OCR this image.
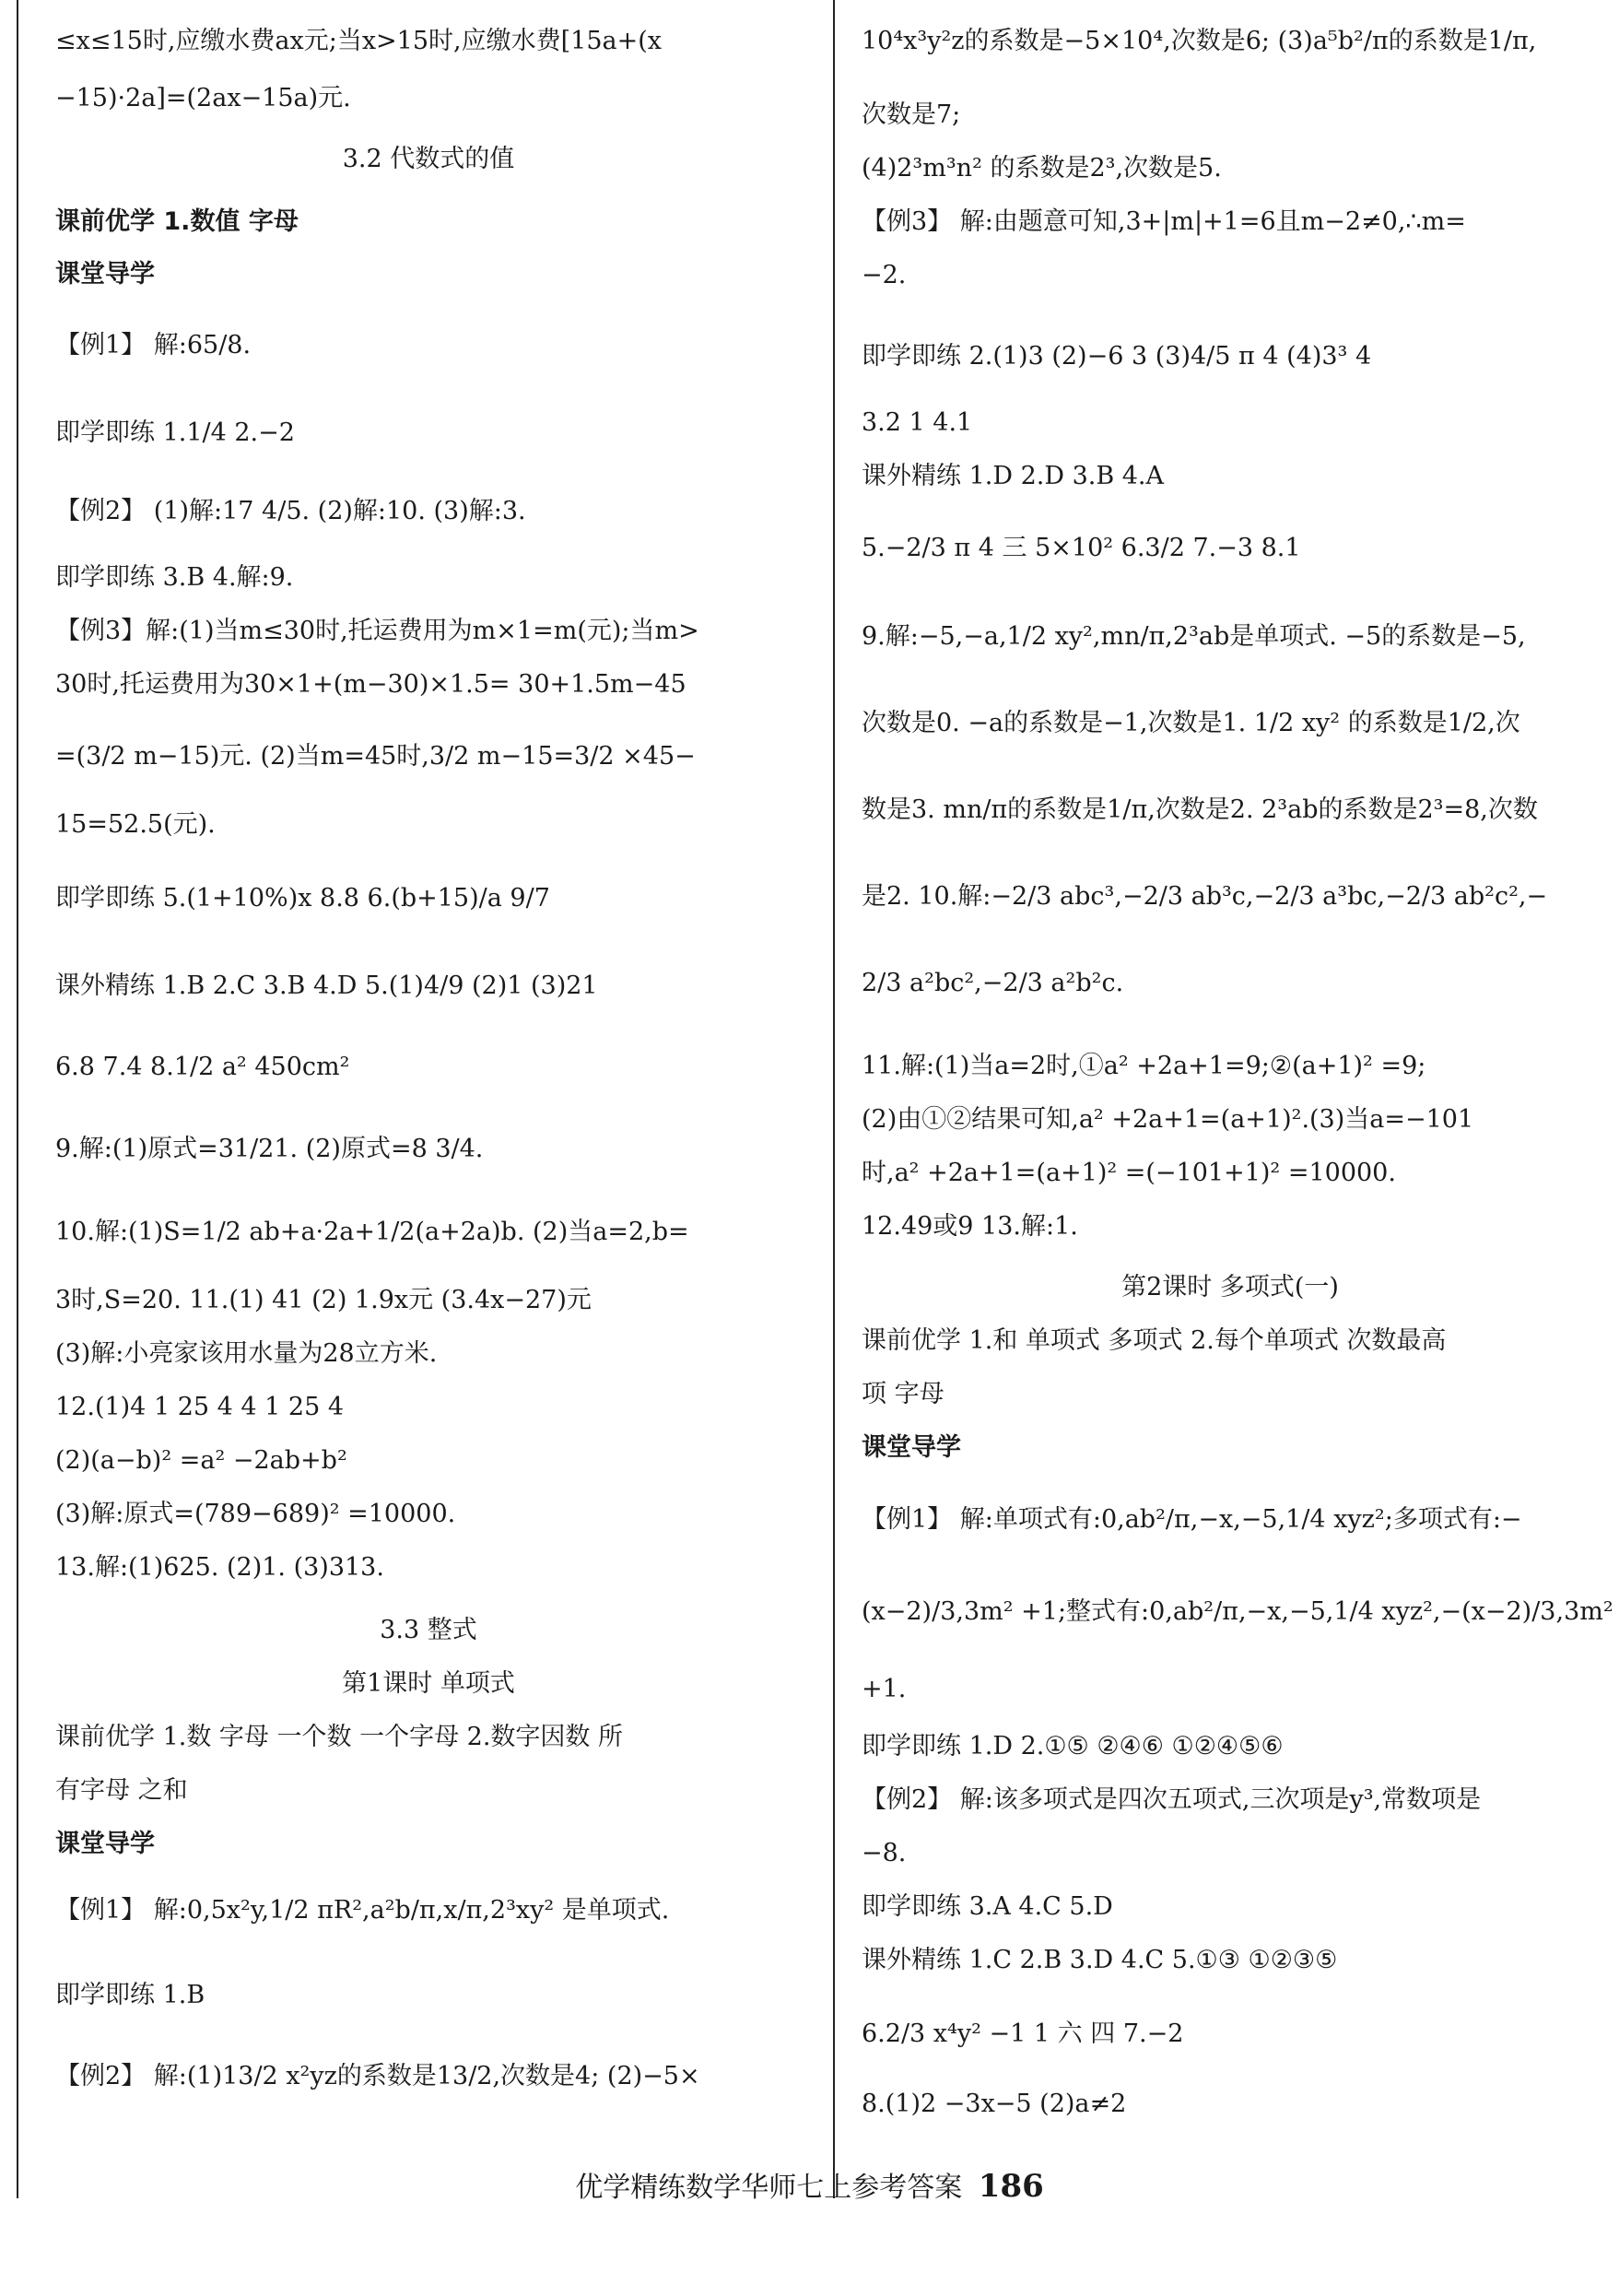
≤x≤15时,应缴水费ax元;当x>15时,应缴水费[15a+(x
−15)·2a]=(2ax−15a)元.
3.2 代数式的值
课前优学 1.数值 字母
课堂导学
【例1】 解:65/8.
即学即练 1.1/4 2.−2
【例2】 (1)解:17 4/5. (2)解:10. (3)解:3.
即学即练 3.B 4.解:9.
【例3】解:(1)当m≤30时,托运费用为m×1=m(元);当m>
30时,托运费用为30×1+(m−30)×1.5= 30+1.5m−45
=(3/2 m−15)元. (2)当m=45时,3/2 m−15=3/2 ×45−
15=52.5(元).
即学即练 5.(1+10%)x 8.8 6.(b+15)/a 9/7
课外精练 1.B 2.C 3.B 4.D 5.(1)4/9 (2)1 (3)21
6.8 7.4 8.1/2 a² 450cm²
9.解:(1)原式=31/21. (2)原式=8 3/4.
10.解:(1)S=1/2 ab+a·2a+1/2(a+2a)b. (2)当a=2,b=
3时,S=20. 11.(1) 41 (2) 1.9x元 (3.4x−27)元
(3)解:小亮家该用水量为28立方米.
12.(1)4 1 25 4 4 1 25 4
(2)(a−b)² =a² −2ab+b²
(3)解:原式=(789−689)² =10000.
13.解:(1)625. (2)1. (3)313.
3.3 整式
第1课时 单项式
课前优学 1.数 字母 一个数 一个字母 2.数字因数 所
有字母 之和
课堂导学
【例1】 解:0,5x²y,1/2 πR²,a²b/π,x/π,2³xy² 是单项式.
即学即练 1.B
【例2】 解:(1)13/2 x²yz的系数是13/2,次数是4; (2)−5×
10⁴x³y²z的系数是−5×10⁴,次数是6; (3)a⁵b²/π的系数是1/π,
次数是7;
(4)2³m³n² 的系数是2³,次数是5.
【例3】 解:由题意可知,3+|m|+1=6且m−2≠0,∴m=
−2.
即学即练 2.(1)3 (2)−6 3 (3)4/5 π 4 (4)3³ 4
3.2 1 4.1
课外精练 1.D 2.D 3.B 4.A
5.−2/3 π 4 三 5×10² 6.3/2 7.−3 8.1
9.解:−5,−a,1/2 xy²,mn/π,2³ab是单项式. −5的系数是−5,
次数是0. −a的系数是−1,次数是1. 1/2 xy² 的系数是1/2,次
数是3. mn/π的系数是1/π,次数是2. 2³ab的系数是2³=8,次数
是2. 10.解:−2/3 abc³,−2/3 ab³c,−2/3 a³bc,−2/3 ab²c²,−
2/3 a²bc²,−2/3 a²b²c.
11.解:(1)当a=2时,①a² +2a+1=9;②(a+1)² =9;
(2)由①②结果可知,a² +2a+1=(a+1)².(3)当a=−101
时,a² +2a+1=(a+1)² =(−101+1)² =10000.
12.49或9 13.解:1.
第2课时 多项式(一)
课前优学 1.和 单项式 多项式 2.每个单项式 次数最高
项 字母
课堂导学
【例1】 解:单项式有:0,ab²/π,−x,−5,1/4 xyz²;多项式有:−
(x−2)/3,3m² +1;整式有:0,ab²/π,−x,−5,1/4 xyz²,−(x−2)/3,3m²
+1.
即学即练 1.D 2.①⑤ ②④⑥ ①②④⑤⑥
【例2】 解:该多项式是四次五项式,三次项是y³,常数项是
−8.
即学即练 3.A 4.C 5.D
课外精练 1.C 2.B 3.D 4.C 5.①③ ①②③⑤
6.2/3 x⁴y² −1 1 六 四 7.−2
8.(1)2 −3x−5 (2)a≠2
优学精练数学华师七上参考答案 186
